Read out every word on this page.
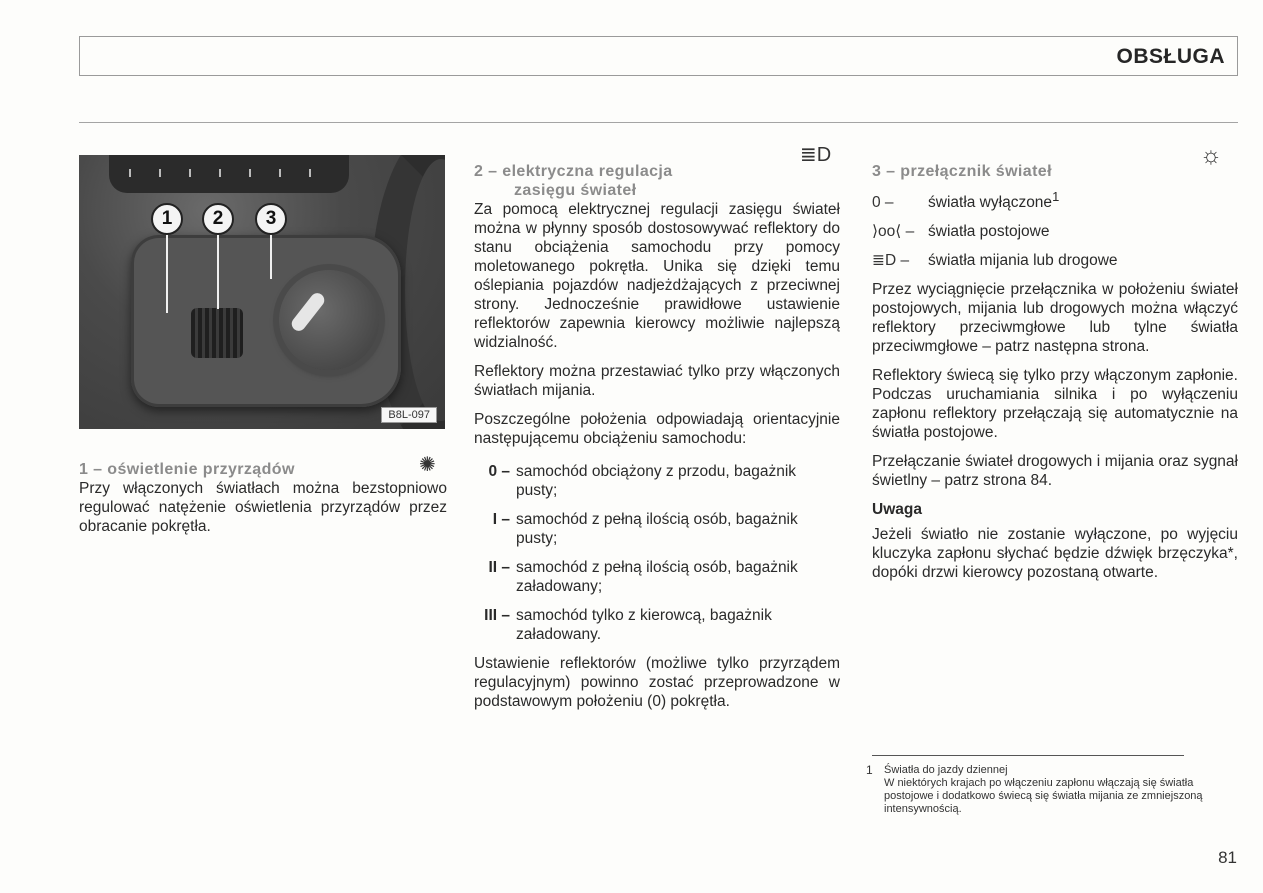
OBSŁUGA
1	2	3
B8L-097
1 – oświetlenie przyrządów

Przy włączonych światłach można bezstopniowo regulować natężenie oświetlenia przyrządów przez obracanie pokrętła.

✺
2 – elektryczna regulacja
zasięgu świateł

Za pomocą elektrycznej regulacji zasięgu świateł można w płynny sposób dostosowywać reflektory do stanu obciążenia samochodu przy pomocy moletowanego pokrętła. Unika się dzięki temu oślepiania pojazdów nadjeżdżających z przeciwnej strony. Jednocześnie prawidłowe ustawienie reflektorów zapewnia kierowcy możliwie najlepszą widzialność.

Reflektory można przestawiać tylko przy włączonych światłach mijania.

Poszczególne położenia odpowiadają orientacyjnie następującemu obciążeniu samochodu:

0 – samochód obciążony z przodu, bagażnik pusty;
I – samochód z pełną ilością osób, bagażnik pusty;
II – samochód z pełną ilością osób, bagażnik załadowany;
III – samochód tylko z kierowcą, bagażnik załadowany.

Ustawienie reflektorów (możliwe tylko przyrządem regulacyjnym) powinno zostać przeprowadzone w podstawowym położeniu (0) pokrętła.

≣D
3 – przełącznik świateł
0 –	światła wyłączone$^1$
⟩oo⟨ – światła postojowe
≣D –	światła mijania lub drogowe

Przez wyciągnięcie przełącznika w położeniu świateł postojowych, mijania lub drogowych można włączyć reflektory przeciwmgłowe lub tylne światła przeciwmgłowe – patrz następna strona.

Reflektory świecą się tylko przy włączonym zapłonie. Podczas uruchamiania silnika i po wyłączeniu zapłonu reflektory przełączają się automatycznie na światła postojowe.

Przełączanie świateł drogowych i mijania oraz sygnał świetlny – patrz strona 84.

Uwaga

Jeżeli światło nie zostanie wyłączone, po wyjęciu kluczyka zapłonu słychać będzie dźwięk brzęczyka*, dopóki drzwi kierowcy pozostaną otwarte.

☼
1	Światła do jazdy dziennej
W niektórych krajach po włączeniu zapłonu włączają się światła postojowe i dodatkowo świecą się światła mijania ze zmniejszoną intensywnością.
81
